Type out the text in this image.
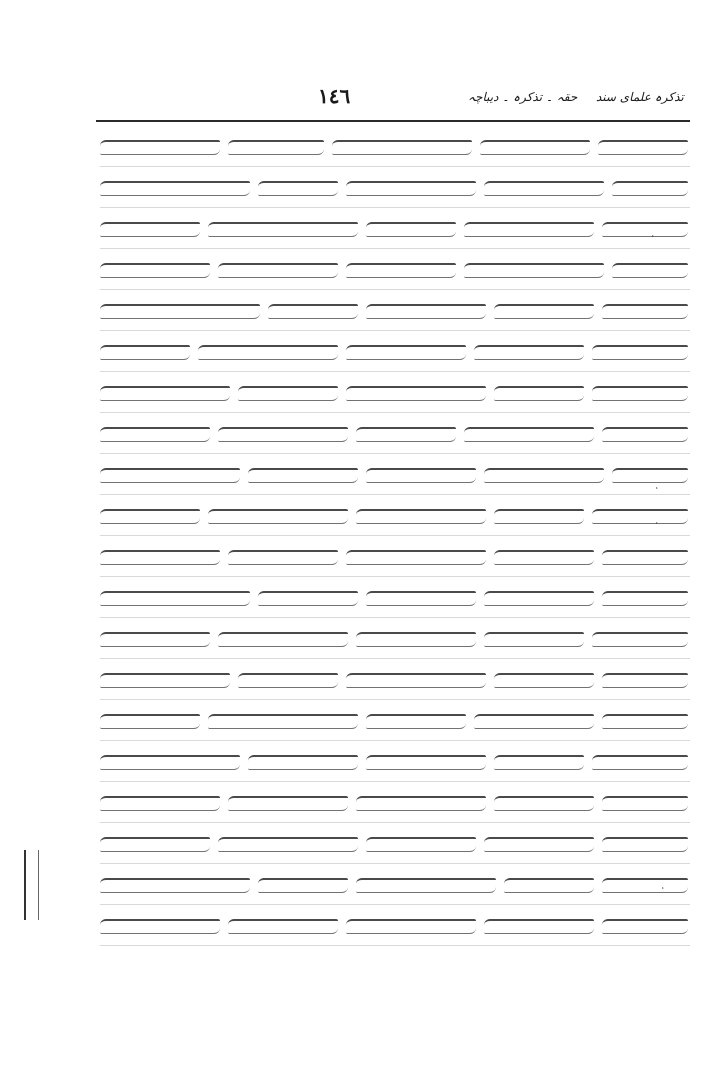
تذکرہ علمای سند
١٤٦	حقہ ۔ تذکرہ ۔ دیباچہ
